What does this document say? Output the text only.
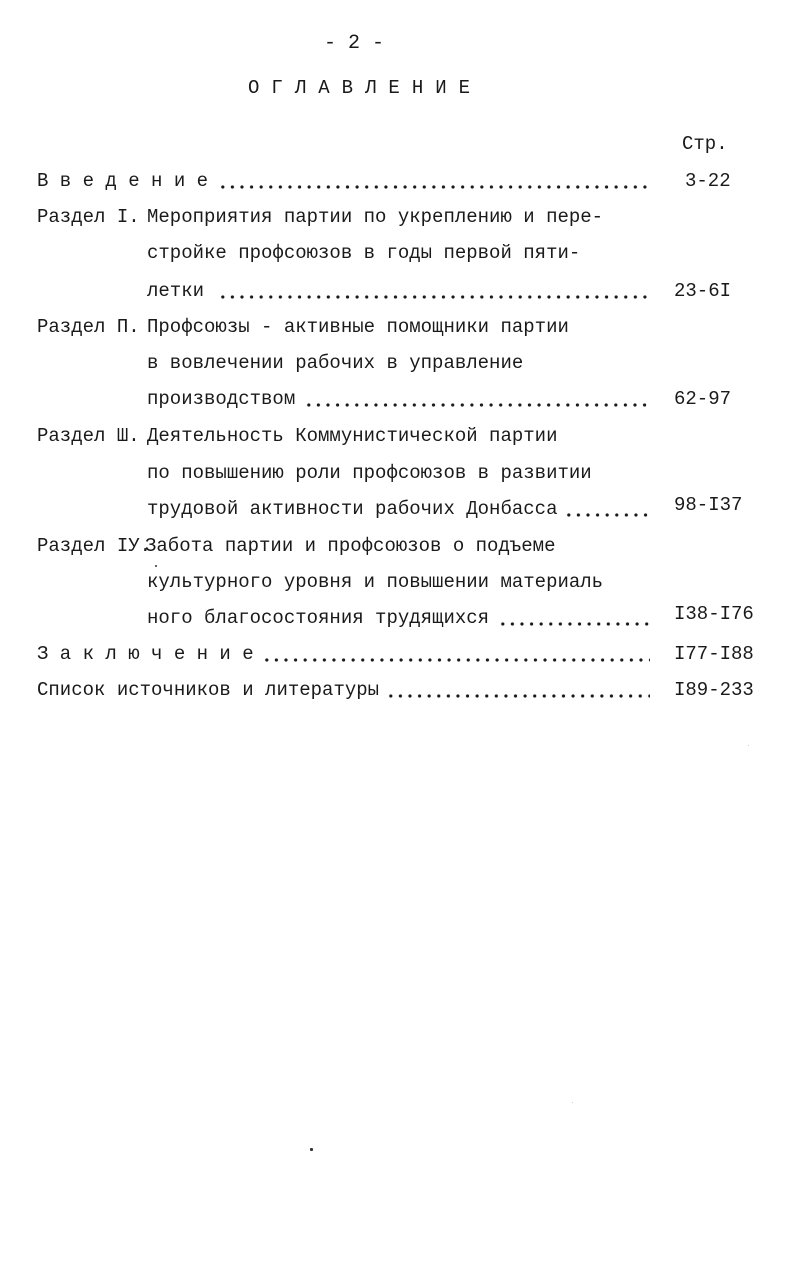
- 2 -
О Г Л А В Л Е Н И Е
Стр.
В в е д е н и е	3-22
Раздел I. Мероприятия партии по укреплению и пере-
стройке профсоюзов в годы первой пяти-
летки	23-6I
Раздел П. Профсоюзы - активные помощники партии
в вовлечении рабочих в управление
производством	62-97
Раздел Ш. Деятельность Коммунистической партии
по повышению роли профсоюзов в развитии
трудовой активности рабочих Донбасса	98-I37
Раздел IУ.
Забота партии и профсоюзов о подъеме
культурного уровня и повышении материаль
ного благосостояния трудящихся	I38-I76
З а к л ю ч е н и е	I77-I88
Список источников и литературы	I89-233
